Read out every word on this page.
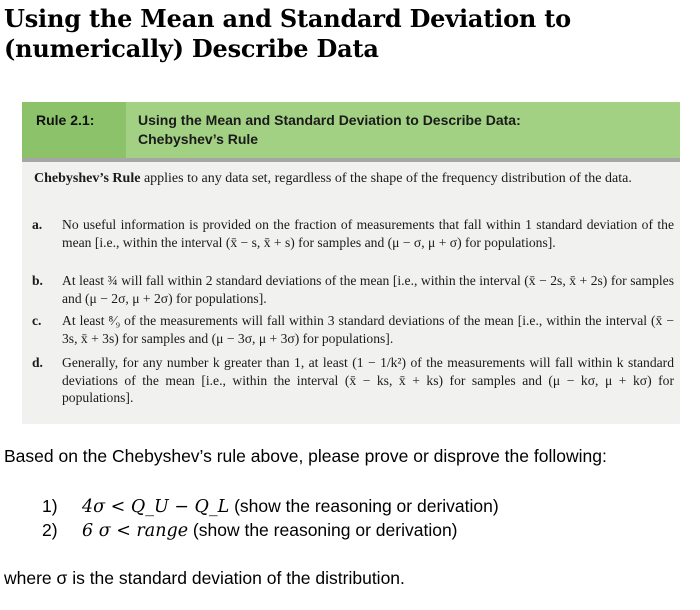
Using the Mean and Standard Deviation to (numerically) Describe Data
Rule 2.1:	Using the Mean and Standard Deviation to Describe Data:
Chebyshev’s Rule
Chebyshev’s Rule applies to any data set, regardless of the shape of the frequency distribution of the data.
a.	No useful information is provided on the fraction of measurements that fall within 1 standard deviation of the mean [i.e., within the interval (x̄ − s, x̄ + s) for samples and (μ − σ, μ + σ) for populations].
b.	At least ¾ will fall within 2 standard deviations of the mean [i.e., within the interval (x̄ − 2s, x̄ + 2s) for samples and (μ − 2σ, μ + 2σ) for populations].
c.	At least ⁸⁄₉ of the measurements will fall within 3 standard deviations of the mean [i.e., within the interval (x̄ − 3s, x̄ + 3s) for samples and (μ − 3σ, μ + 3σ) for populations].
d.	Generally, for any number k greater than 1, at least (1 − 1/k²) of the measurements will fall within k standard deviations of the mean [i.e., within the interval (x̄ − ks, x̄ + ks) for samples and (μ − kσ, μ + kσ) for populations].
Based on the Chebyshev’s rule above, please prove or disprove the following:
1) 4σ < Q_U − Q_L (show the reasoning or derivation)
2) 6 σ < range (show the reasoning or derivation)
where σ is the standard deviation of the distribution.
